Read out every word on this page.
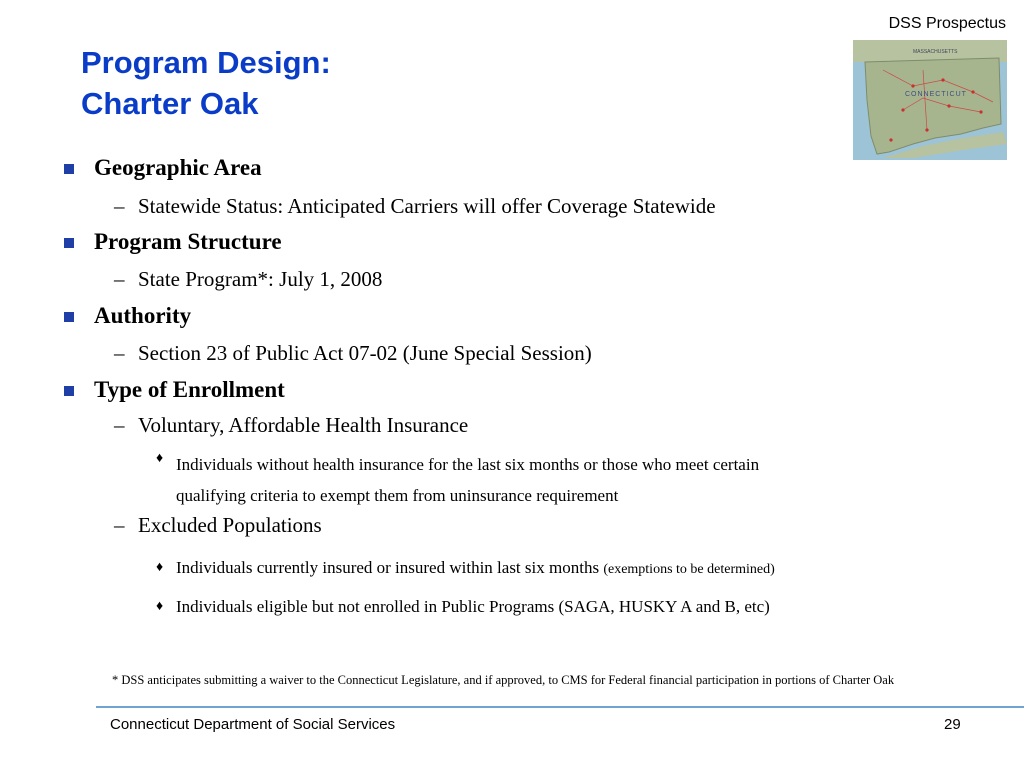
DSS Prospectus
MASSACHUSETTS
CONNECTICUT
Program Design:
Charter Oak
Geographic Area
– Statewide Status: Anticipated Carriers will offer Coverage Statewide
Program Structure
– State Program*: July 1, 2008
Authority
– Section 23 of Public Act 07-02 (June Special Session)
Type of Enrollment
– Voluntary, Affordable Health Insurance
♦ Individuals without health insurance for the last six months or those who meet certain
qualifying criteria to exempt them from uninsurance requirement
– Excluded Populations
♦ Individuals currently insured or insured within last six months (exemptions to be determined)
♦ Individuals eligible but not enrolled in Public Programs (SAGA, HUSKY A and B, etc)
* DSS anticipates submitting a waiver to the Connecticut Legislature, and if approved, to CMS for Federal financial participation in portions of Charter Oak
Connecticut Department of Social Services	29
